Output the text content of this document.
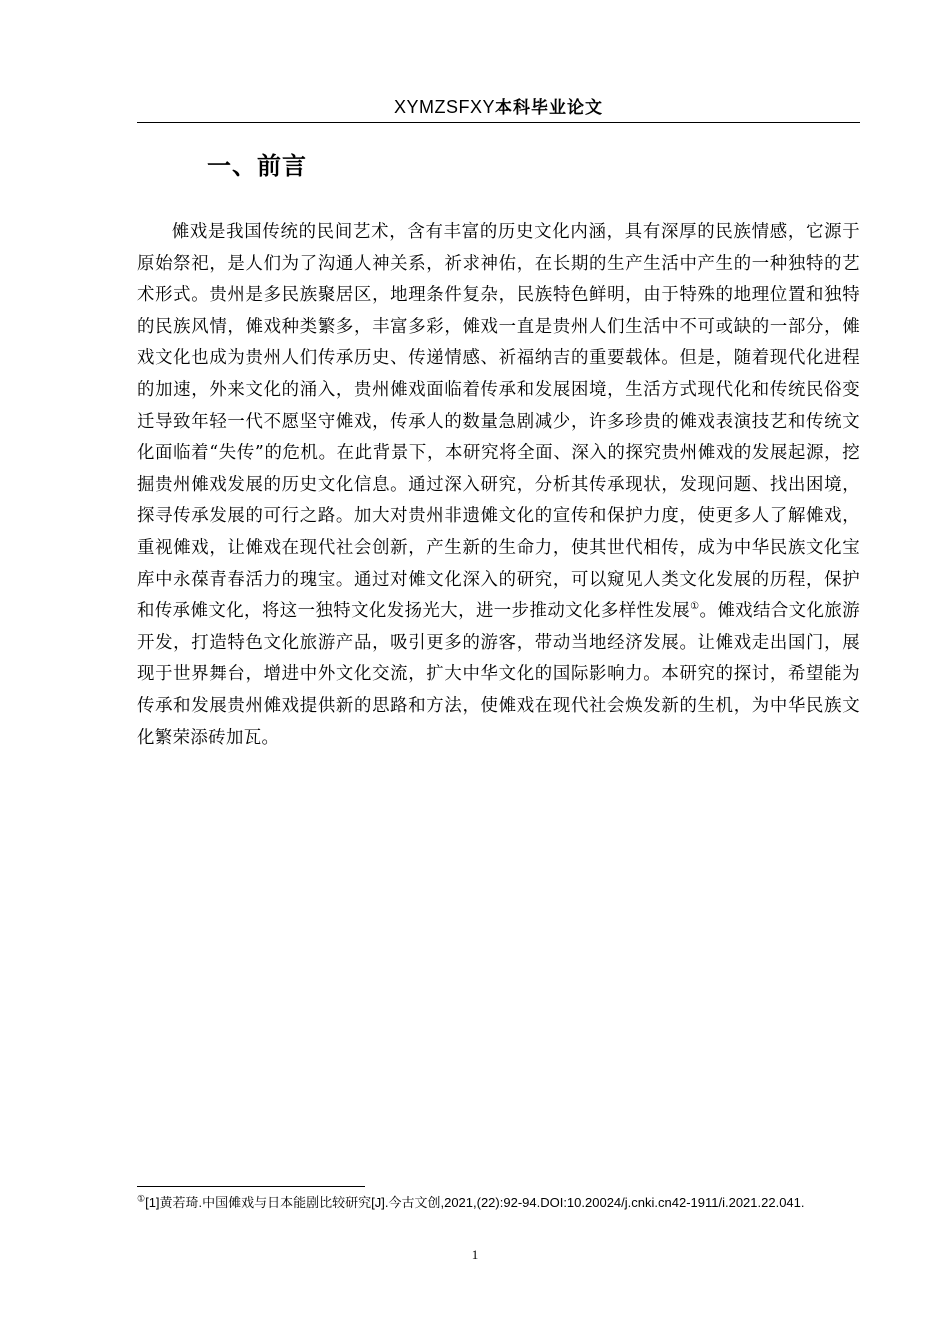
XYMZSFXY本科毕业论文
一、前言

傩戏是我国传统的民间艺术，含有丰富的历史文化内涵，具有深厚的民族情感，它源于原始祭祀，是人们为了沟通人神关系，祈求神佑，在长期的生产生活中产生的一种独特的艺术形式。贵州是多民族聚居区，地理条件复杂，民族特色鲜明，由于特殊的地理位置和独特的民族风情，傩戏种类繁多，丰富多彩，傩戏一直是贵州人们生活中不可或缺的一部分，傩戏文化也成为贵州人们传承历史、传递情感、祈福纳吉的重要载体。但是，随着现代化进程的加速，外来文化的涌入，贵州傩戏面临着传承和发展困境，生活方式现代化和传统民俗变迁导致年轻一代不愿坚守傩戏，传承人的数量急剧减少，许多珍贵的傩戏表演技艺和传统文化面临着“失传”的危机。在此背景下，本研究将全面、深入的探究贵州傩戏的发展起源，挖掘贵州傩戏发展的历史文化信息。通过深入研究，分析其传承现状，发现问题、找出困境，探寻传承发展的可行之路。加大对贵州非遗傩文化的宣传和保护力度，使更多人了解傩戏，重视傩戏，让傩戏在现代社会创新，产生新的生命力，使其世代相传，成为中华民族文化宝库中永葆青春活力的瑰宝。通过对傩文化深入的研究，可以窥见人类文化发展的历程，保护和传承傩文化，将这一独特文化发扬光大，进一步推动文化多样性发展①。傩戏结合文化旅游开发，打造特色文化旅游产品，吸引更多的游客，带动当地经济发展。让傩戏走出国门，展现于世界舞台，增进中外文化交流，扩大中华文化的国际影响力。本研究的探讨，希望能为传承和发展贵州傩戏提供新的思路和方法，使傩戏在现代社会焕发新的生机，为中华民族文化繁荣添砖加瓦。

①[1]黄若琦.中国傩戏与日本能剧比较研究[J].今古文创,2021,(22):92-94.DOI:10.20024/j.cnki.cn42-1911/i.2021.22.041.
1
